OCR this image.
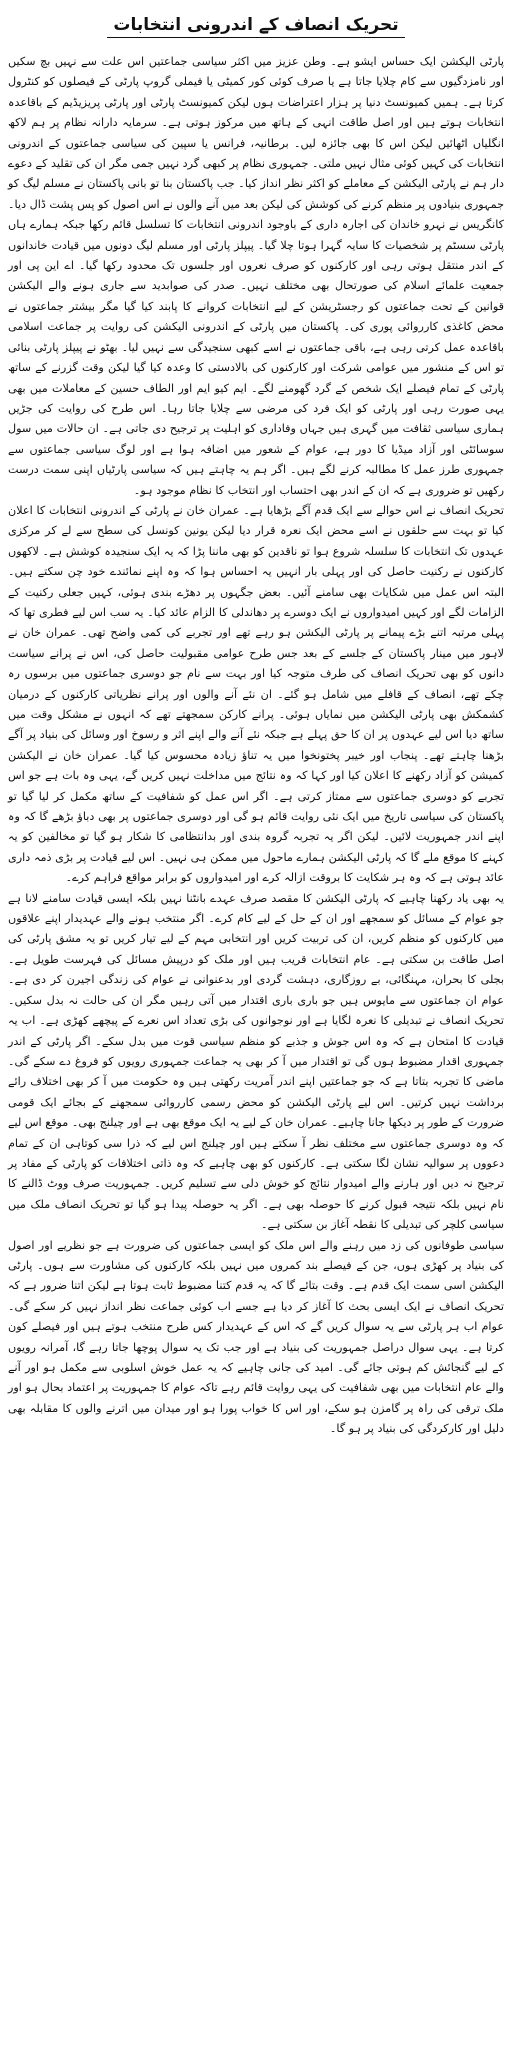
تحریک انصاف کے اندرونی انتخابات

پارٹی الیکشن ایک حساس ایشو ہے۔ وطن عزیز میں اکثر سیاسی جماعتیں اس علت سے نہیں بچ سکیں اور نامزدگیوں سے کام چلایا جاتا ہے یا صرف کوئی کور کمیٹی یا فیملی گروپ پارٹی کے فیصلوں کو کنٹرول کرتا ہے۔ ہمیں کمیونسٹ دنیا پر ہزار اعتراضات ہوں لیکن کمیونسٹ پارٹی اور پارٹی پریزیڈیم کے باقاعدہ انتخابات ہوتے ہیں اور اصل طاقت انہی کے ہاتھ میں مرکوز ہوتی ہے۔ سرمایہ دارانہ نظام پر ہم لاکھ انگلیاں اٹھائیں لیکن اس کا بھی جائزہ لیں۔ برطانیہ، فرانس یا سپین کی سیاسی جماعتوں کے اندرونی انتخابات کی کہیں کوئی مثال نہیں ملتی۔ جمہوری نظام پر کبھی گرد نہیں جمی مگر ان کی تقلید کے دعوے دار ہم نے پارٹی الیکشن کے معاملے کو اکثر نظر انداز کیا۔ جب پاکستان بنا تو بانی پاکستان نے مسلم لیگ کو جمہوری بنیادوں پر منظم کرنے کی کوشش کی لیکن بعد میں آنے والوں نے اس اصول کو پس پشت ڈال دیا۔ کانگریس نے نہرو خاندان کی اجارہ داری کے باوجود اندرونی انتخابات کا تسلسل قائم رکھا جبکہ ہمارے ہاں پارٹی سسٹم پر شخصیات کا سایہ گہرا ہوتا چلا گیا۔ پیپلز پارٹی اور مسلم لیگ دونوں میں قیادت خاندانوں کے اندر منتقل ہوتی رہی اور کارکنوں کو صرف نعروں اور جلسوں تک محدود رکھا گیا۔ اے این پی اور جمعیت علمائے اسلام کی صورتحال بھی مختلف نہیں۔ صدر کی صوابدید سے جاری ہونے والے الیکشن قوانین کے تحت جماعتوں کو رجسٹریشن کے لیے انتخابات کروانے کا پابند کیا گیا مگر بیشتر جماعتوں نے محض کاغذی کارروائی پوری کی۔ پاکستان میں پارٹی کے اندرونی الیکشن کی روایت پر جماعت اسلامی باقاعدہ عمل کرتی رہی ہے، باقی جماعتوں نے اسے کبھی سنجیدگی سے نہیں لیا۔ بھٹو نے پیپلز پارٹی بنائی تو اس کے منشور میں عوامی شرکت اور کارکنوں کی بالادستی کا وعدہ کیا گیا لیکن وقت گزرنے کے ساتھ پارٹی کے تمام فیصلے ایک شخص کے گرد گھومنے لگے۔ ایم کیو ایم اور الطاف حسین کے معاملات میں بھی یہی صورت رہی اور پارٹی کو ایک فرد کی مرضی سے چلایا جاتا رہا۔ اس طرح کی روایت کی جڑیں ہماری سیاسی ثقافت میں گہری ہیں جہاں وفاداری کو اہلیت پر ترجیح دی جاتی ہے۔ ان حالات میں سول سوسائٹی اور آزاد میڈیا کا دور ہے، عوام کے شعور میں اضافہ ہوا ہے اور لوگ سیاسی جماعتوں سے جمہوری طرز عمل کا مطالبہ کرنے لگے ہیں۔ اگر ہم یہ چاہتے ہیں کہ سیاسی پارٹیاں اپنی سمت درست رکھیں تو ضروری ہے کہ ان کے اندر بھی احتساب اور انتخاب کا نظام موجود ہو۔

تحریک انصاف نے اس حوالے سے ایک قدم آگے بڑھایا ہے۔ عمران خان نے پارٹی کے اندرونی انتخابات کا اعلان کیا تو بہت سے حلقوں نے اسے محض ایک نعرہ قرار دیا لیکن یونین کونسل کی سطح سے لے کر مرکزی عہدوں تک انتخابات کا سلسلہ شروع ہوا تو ناقدین کو بھی ماننا پڑا کہ یہ ایک سنجیدہ کوشش ہے۔ لاکھوں کارکنوں نے رکنیت حاصل کی اور پہلی بار انہیں یہ احساس ہوا کہ وہ اپنے نمائندے خود چن سکتے ہیں۔ البتہ اس عمل میں شکایات بھی سامنے آئیں۔ بعض جگہوں پر دھڑے بندی ہوئی، کہیں جعلی رکنیت کے الزامات لگے اور کہیں امیدواروں نے ایک دوسرے پر دھاندلی کا الزام عائد کیا۔ یہ سب اس لیے فطری تھا کہ پہلی مرتبہ اتنے بڑے پیمانے پر پارٹی الیکشن ہو رہے تھے اور تجربے کی کمی واضح تھی۔ عمران خان نے لاہور میں مینار پاکستان کے جلسے کے بعد جس طرح عوامی مقبولیت حاصل کی، اس نے پرانے سیاست دانوں کو بھی تحریک انصاف کی طرف متوجہ کیا اور بہت سے نام جو دوسری جماعتوں میں برسوں رہ چکے تھے، انصاف کے قافلے میں شامل ہو گئے۔ ان نئے آنے والوں اور پرانے نظریاتی کارکنوں کے درمیان کشمکش بھی پارٹی الیکشن میں نمایاں ہوئی۔ پرانے کارکن سمجھتے تھے کہ انہوں نے مشکل وقت میں ساتھ دیا اس لیے عہدوں پر ان کا حق پہلے ہے جبکہ نئے آنے والے اپنے اثر و رسوخ اور وسائل کی بنیاد پر آگے بڑھنا چاہتے تھے۔ پنجاب اور خیبر پختونخوا میں یہ تناؤ زیادہ محسوس کیا گیا۔ عمران خان نے الیکشن کمیشن کو آزاد رکھنے کا اعلان کیا اور کہا کہ وہ نتائج میں مداخلت نہیں کریں گے، یہی وہ بات ہے جو اس تجربے کو دوسری جماعتوں سے ممتاز کرتی ہے۔ اگر اس عمل کو شفافیت کے ساتھ مکمل کر لیا گیا تو پاکستان کی سیاسی تاریخ میں ایک نئی روایت قائم ہو گی اور دوسری جماعتوں پر بھی دباؤ بڑھے گا کہ وہ اپنے اندر جمہوریت لائیں۔ لیکن اگر یہ تجربہ گروہ بندی اور بدانتظامی کا شکار ہو گیا تو مخالفین کو یہ کہنے کا موقع ملے گا کہ پارٹی الیکشن ہمارے ماحول میں ممکن ہی نہیں۔ اس لیے قیادت پر بڑی ذمہ داری عائد ہوتی ہے کہ وہ ہر شکایت کا بروقت ازالہ کرے اور امیدواروں کو برابر مواقع فراہم کرے۔

یہ بھی یاد رکھنا چاہیے کہ پارٹی الیکشن کا مقصد صرف عہدے بانٹنا نہیں بلکہ ایسی قیادت سامنے لانا ہے جو عوام کے مسائل کو سمجھے اور ان کے حل کے لیے کام کرے۔ اگر منتخب ہونے والے عہدیدار اپنے علاقوں میں کارکنوں کو منظم کریں، ان کی تربیت کریں اور انتخابی مہم کے لیے تیار کریں تو یہ مشق پارٹی کی اصل طاقت بن سکتی ہے۔ عام انتخابات قریب ہیں اور ملک کو درپیش مسائل کی فہرست طویل ہے۔ بجلی کا بحران، مہنگائی، بے روزگاری، دہشت گردی اور بدعنوانی نے عوام کی زندگی اجیرن کر دی ہے۔ عوام ان جماعتوں سے مایوس ہیں جو باری باری اقتدار میں آتی رہیں مگر ان کی حالت نہ بدل سکیں۔ تحریک انصاف نے تبدیلی کا نعرہ لگایا ہے اور نوجوانوں کی بڑی تعداد اس نعرے کے پیچھے کھڑی ہے۔ اب یہ قیادت کا امتحان ہے کہ وہ اس جوش و جذبے کو منظم سیاسی قوت میں بدل سکے۔ اگر پارٹی کے اندر جمہوری اقدار مضبوط ہوں گی تو اقتدار میں آ کر بھی یہ جماعت جمہوری رویوں کو فروغ دے سکے گی۔ ماضی کا تجربہ بتاتا ہے کہ جو جماعتیں اپنے اندر آمریت رکھتی ہیں وہ حکومت میں آ کر بھی اختلاف رائے برداشت نہیں کرتیں۔ اس لیے پارٹی الیکشن کو محض رسمی کارروائی سمجھنے کے بجائے ایک قومی ضرورت کے طور پر دیکھا جانا چاہیے۔ عمران خان کے لیے یہ ایک موقع بھی ہے اور چیلنج بھی۔ موقع اس لیے کہ وہ دوسری جماعتوں سے مختلف نظر آ سکتے ہیں اور چیلنج اس لیے کہ ذرا سی کوتاہی ان کے تمام دعووں پر سوالیہ نشان لگا سکتی ہے۔ کارکنوں کو بھی چاہیے کہ وہ ذاتی اختلافات کو پارٹی کے مفاد پر ترجیح نہ دیں اور ہارنے والے امیدوار نتائج کو خوش دلی سے تسلیم کریں۔ جمہوریت صرف ووٹ ڈالنے کا نام نہیں بلکہ نتیجہ قبول کرنے کا حوصلہ بھی ہے۔ اگر یہ حوصلہ پیدا ہو گیا تو تحریک انصاف ملک میں سیاسی کلچر کی تبدیلی کا نقطہ آغاز بن سکتی ہے۔

سیاسی طوفانوں کی زد میں رہنے والے اس ملک کو ایسی جماعتوں کی ضرورت ہے جو نظریے اور اصول کی بنیاد پر کھڑی ہوں، جن کے فیصلے بند کمروں میں نہیں بلکہ کارکنوں کی مشاورت سے ہوں۔ پارٹی الیکشن اسی سمت ایک قدم ہے۔ وقت بتائے گا کہ یہ قدم کتنا مضبوط ثابت ہوتا ہے لیکن اتنا ضرور ہے کہ تحریک انصاف نے ایک ایسی بحث کا آغاز کر دیا ہے جسے اب کوئی جماعت نظر انداز نہیں کر سکے گی۔ عوام اب ہر پارٹی سے یہ سوال کریں گے کہ اس کے عہدیدار کس طرح منتخب ہوتے ہیں اور فیصلے کون کرتا ہے۔ یہی سوال دراصل جمہوریت کی بنیاد ہے اور جب تک یہ سوال پوچھا جاتا رہے گا، آمرانہ رویوں کے لیے گنجائش کم ہوتی جائے گی۔ امید کی جانی چاہیے کہ یہ عمل خوش اسلوبی سے مکمل ہو اور آنے والے عام انتخابات میں بھی شفافیت کی یہی روایت قائم رہے تاکہ عوام کا جمہوریت پر اعتماد بحال ہو اور ملک ترقی کی راہ پر گامزن ہو سکے، اور اس کا خواب پورا ہو اور میدان میں اترنے والوں کا مقابلہ بھی دلیل اور کارکردگی کی بنیاد پر ہو گا۔
